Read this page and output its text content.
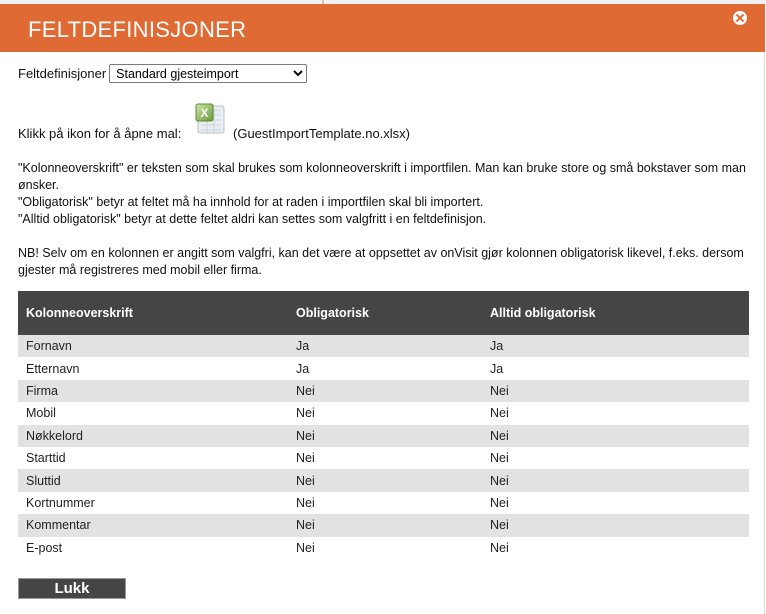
FELTDEFINISJONER
Feltdefinisjoner
Standard gjesteimport
Klikk på ikon for å åpne mal:
X
(GuestImportTemplate.no.xlsx)

"Kolonneoverskrift" er teksten som skal brukes som kolonneoverskrift i importfilen. Man kan bruke store og små bokstaver som man ønsker.

"Obligatorisk" betyr at feltet må ha innhold for at raden i importfilen skal bli importert.

"Alltid obligatorisk" betyr at dette feltet aldri kan settes som valgfritt i en feltdefinisjon.

NB! Selv om en kolonnen er angitt som valgfri, kan det være at oppsettet av onVisit gjør kolonnen obligatorisk likevel, f.eks. dersom gjester må registreres med mobil eller firma.

Kolonneoverskrift	Obligatorisk	Alltid obligatorisk
Fornavn	Ja	Ja
Etternavn	Ja	Ja
Firma	Nei	Nei
Mobil	Nei	Nei
Nøkkelord	Nei	Nei
Starttid	Nei	Nei
Sluttid	Nei	Nei
Kortnummer	Nei	Nei
Kommentar	Nei	Nei
E-post	Nei	Nei
Lukk
